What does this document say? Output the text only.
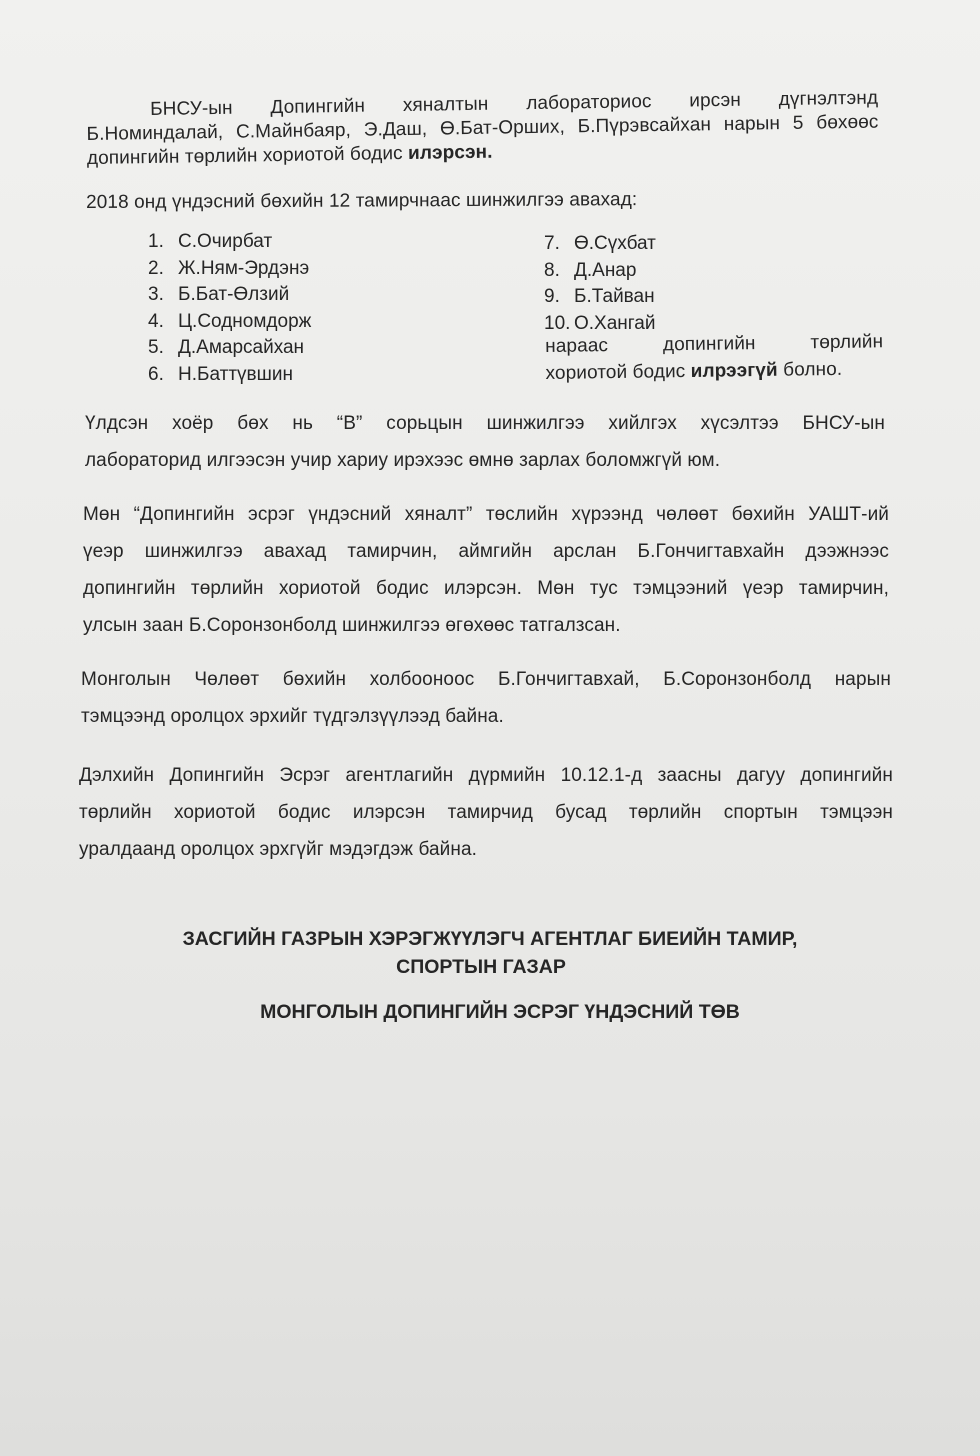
БНСУ-ын Допингийн хяналтын лабораториос ирсэн дүгнэлтэнд
Б.Номиндалай, С.Майнбаяр, Э.Даш, Ө.Бат-Орших, Б.Пүрэвсайхан нарын 5 бөхөөс
допингийн төрлийн хориотой бодис илэрсэн.
2018 онд үндэсний бөхийн 12 тамирчнаас шинжилгээ авахад:
1. С.Очирбат
2. Ж.Ням-Эрдэнэ
3. Б.Бат-Өлзий
4. Ц.Содномдорж
5. Д.Амарсайхан
6. Н.Баттүвшин
7. Ө.Сүхбат
8. Д.Анар
9. Б.Тайван
10. О.Хангай
нараас допингийн төрлийн
хориотой бодис илрээгүй болно.
Үлдсэн хоёр бөх нь “В” сорьцын шинжилгээ хийлгэх хүсэлтээ БНСУ-ын
лабораторид илгээсэн учир хариу ирэхээс өмнө зарлах боломжгүй юм.
Мөн “Допингийн эсрэг үндэсний хяналт” төслийн хүрээнд чөлөөт бөхийн УАШТ-ий
үеэр шинжилгээ авахад тамирчин, аймгийн арслан Б.Гончигтавхайн дээжнээс
допингийн төрлийн хориотой бодис илэрсэн. Мөн тус тэмцээний үеэр тамирчин,
улсын заан Б.Соронзонболд шинжилгээ өгөхөөс татгалзсан.
Монголын Чөлөөт бөхийн холбооноос Б.Гончигтавхай, Б.Соронзонболд нарын
тэмцээнд оролцох эрхийг түдгэлзүүлээд байна.
Дэлхийн Допингийн Эсрэг агентлагийн дүрмийн 10.12.1-д заасны дагуу допингийн
төрлийн хориотой бодис илэрсэн тамирчид бусад төрлийн спортын тэмцээн
уралдаанд оролцох эрхгүйг мэдэгдэж байна.
ЗАСГИЙН ГАЗРЫН ХЭРЭГЖҮҮЛЭГЧ АГЕНТЛАГ БИЕИЙН ТАМИР,
СПОРТЫН ГАЗАР
МОНГОЛЫН ДОПИНГИЙН ЭСРЭГ ҮНДЭСНИЙ ТӨВ
